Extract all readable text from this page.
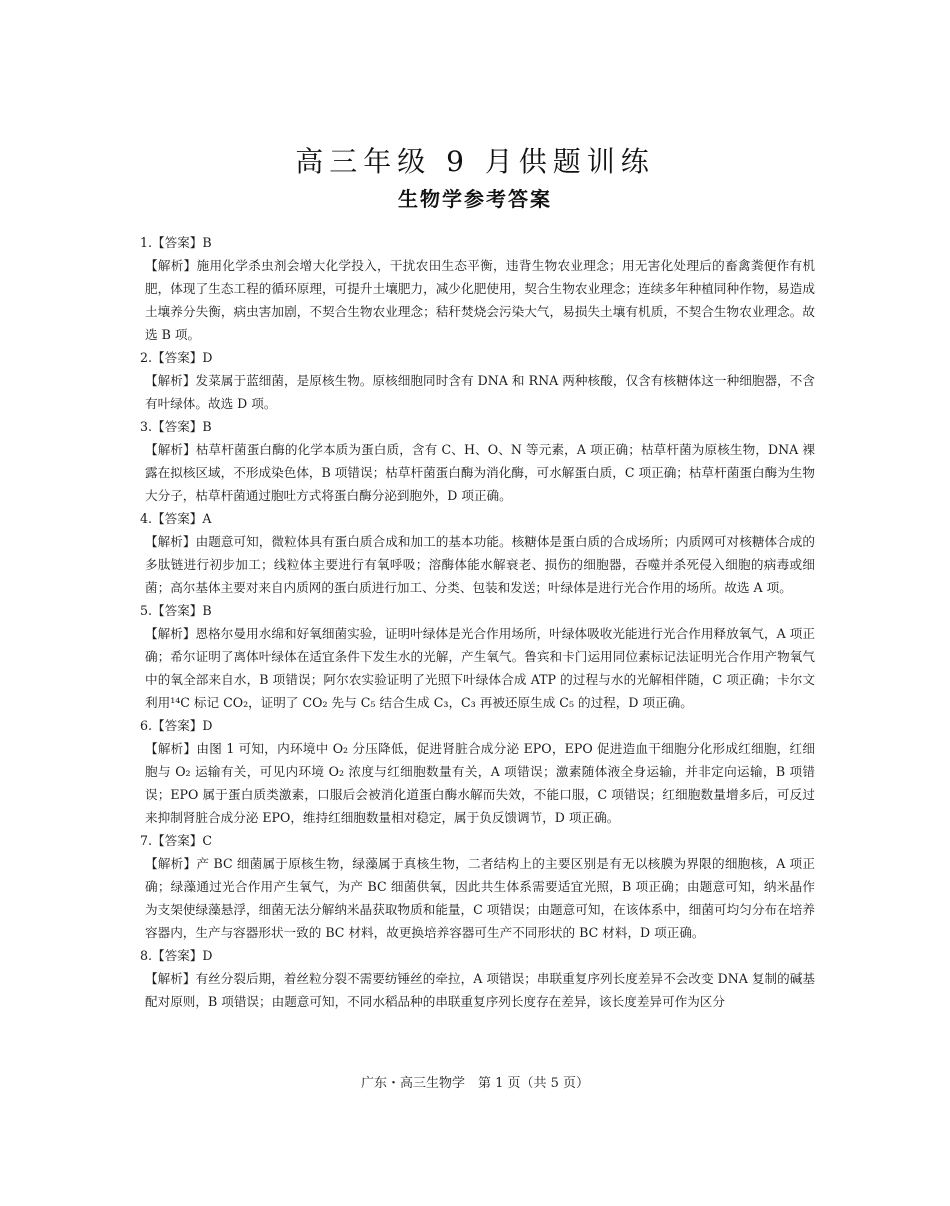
高三年级 9 月供题训练
生物学参考答案
1.【答案】B
【解析】施用化学杀虫剂会增大化学投入，干扰农田生态平衡，违背生物农业理念；用无害化处理后的畜禽粪便作有机肥，体现了生态工程的循环原理，可提升土壤肥力，减少化肥使用，契合生物农业理念；连续多年种植同种作物，易造成土壤养分失衡，病虫害加剧，不契合生物农业理念；秸秆焚烧会污染大气，易损失土壤有机质，不契合生物农业理念。故选 B 项。
2.【答案】D
【解析】发菜属于蓝细菌，是原核生物。原核细胞同时含有 DNA 和 RNA 两种核酸，仅含有核糖体这一种细胞器，不含有叶绿体。故选 D 项。
3.【答案】B
【解析】枯草杆菌蛋白酶的化学本质为蛋白质，含有 C、H、O、N 等元素，A 项正确；枯草杆菌为原核生物，DNA 裸露在拟核区域，不形成染色体，B 项错误；枯草杆菌蛋白酶为消化酶，可水解蛋白质，C 项正确；枯草杆菌蛋白酶为生物大分子，枯草杆菌通过胞吐方式将蛋白酶分泌到胞外，D 项正确。
4.【答案】A
【解析】由题意可知，微粒体具有蛋白质合成和加工的基本功能。核糖体是蛋白质的合成场所；内质网可对核糖体合成的多肽链进行初步加工；线粒体主要进行有氧呼吸；溶酶体能水解衰老、损伤的细胞器，吞噬并杀死侵入细胞的病毒或细菌；高尔基体主要对来自内质网的蛋白质进行加工、分类、包装和发送；叶绿体是进行光合作用的场所。故选 A 项。
5.【答案】B
【解析】恩格尔曼用水绵和好氧细菌实验，证明叶绿体是光合作用场所，叶绿体吸收光能进行光合作用释放氧气，A 项正确；希尔证明了离体叶绿体在适宜条件下发生水的光解，产生氧气。鲁宾和卡门运用同位素标记法证明光合作用产物氧气中的氧全部来自水，B 项错误；阿尔农实验证明了光照下叶绿体合成 ATP 的过程与水的光解相伴随，C 项正确；卡尔文利用¹⁴C 标记 CO₂，证明了 CO₂ 先与 C₅ 结合生成 C₃，C₃ 再被还原生成 C₅ 的过程，D 项正确。
6.【答案】D
【解析】由图 1 可知，内环境中 O₂ 分压降低，促进肾脏合成分泌 EPO，EPO 促进造血干细胞分化形成红细胞，红细胞与 O₂ 运输有关，可见内环境 O₂ 浓度与红细胞数量有关，A 项错误；激素随体液全身运输，并非定向运输，B 项错误；EPO 属于蛋白质类激素，口服后会被消化道蛋白酶水解而失效，不能口服，C 项错误；红细胞数量增多后，可反过来抑制肾脏合成分泌 EPO，维持红细胞数量相对稳定，属于负反馈调节，D 项正确。
7.【答案】C
【解析】产 BC 细菌属于原核生物，绿藻属于真核生物，二者结构上的主要区别是有无以核膜为界限的细胞核，A 项正确；绿藻通过光合作用产生氧气，为产 BC 细菌供氧，因此共生体系需要适宜光照，B 项正确；由题意可知，纳米晶作为支架使绿藻悬浮，细菌无法分解纳米晶获取物质和能量，C 项错误；由题意可知，在该体系中，细菌可均匀分布在培养容器内，生产与容器形状一致的 BC 材料，故更换培养容器可生产不同形状的 BC 材料，D 项正确。
8.【答案】D
【解析】有丝分裂后期，着丝粒分裂不需要纺锤丝的牵拉，A 项错误；串联重复序列长度差异不会改变 DNA 复制的碱基配对原则，B 项错误；由题意可知，不同水稻品种的串联重复序列长度存在差异，该长度差异可作为区分
广东・高三生物学　第 1 页（共 5 页）
